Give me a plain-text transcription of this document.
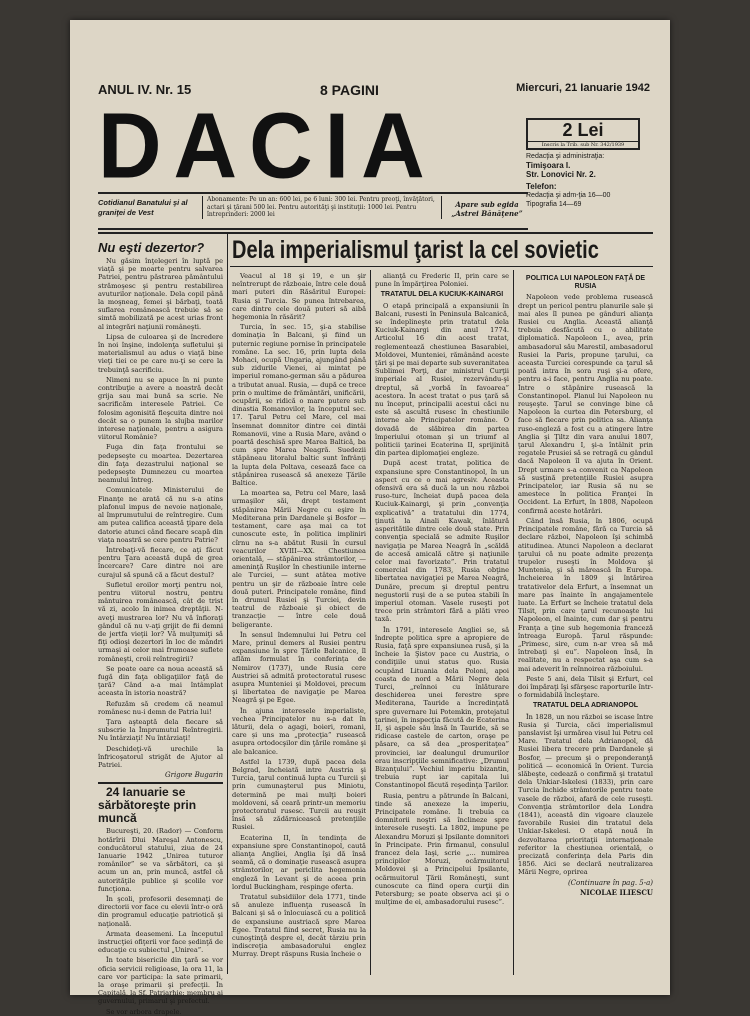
ANUL IV. Nr. 15	8 PAGINI	Miercuri, 21 Ianuarie 1942
DACIA	2 Lei
Inscris la Trib. sub Nr. 342/1939
Redacţia şi administraţia:
Timişoara I.
Str. Lonovici Nr. 2.
Telefon:
Redacţia şi adm-ţia 16—00
Tipografia 14—69
Cotidianul Banatului şi al graniţei de Vest
Abonamente: Pe un an: 600 lei, pe 6 luni: 300 lei. Pentru preoţi, învăţători, actari şi ţărani 500 lei. Pentru autorităţi şi instituţii: 1000 lei. Pentru întreprinderi: 2000 lei
Apare sub egida „Astrei Bănăţene”
Nu eşti dezertor? Dela imperialismul ţarist la cel sovietic

Nu găsim înţelegeri în luptă pe viaţă şi pe moarte pentru salvarea Patriei, pentru păstrarea pământului strămoşesc şi pentru restabilirea avuturilor naţionale. Dela copil până la moşneag, femei şi bărbaţi, toată suflarea românească trebuie să se simtă mobilizată pe acest urias front al integrări naţiunii româneşti.

Lipsa de culoarea şi de încredere în noi înşine, indolenţa sufletului şi materialismul au adus o viaţă bine vieţi tiei ce pe care nu-ţi se cere la trebuinţă sacrificiu.

Nimeni nu se apuce în ni punte contribuţie a avere a noastră decât grija sau mai bună sa scrie. Ne sacrificăm interesele Patriei. Ce folosim agonisită fleşcuita dintre noi decât sa o punem la slujba marilor interese naţionale, pentru a asigura viitorul Românie?

Fuga din faţa frontului se pedepseşte cu moartea. Dezertarea din faţa dezastrului naţional se pedepseşte Dumnezeu cu moartea neamului întreg.

Comunicatele Ministerului de Finanţe ne arată că nu s-a atins plafonul impus de nevoie naţionale, al împrumutului de reîntregire. Cum am putea califica această ţipare dela datorie atunci când fiecare scapă din viaţa noastră se cere pentru Patrie?

Întrebaţi-vă fiecare, ce aţi făcut pentru Ţara această după de grea încercare? Care dintre noi are curajul să spună că a făcut destul?

Sufletul eroilor morţi pentru noi, pentru viitorul nostru, pentru mântuirea românească, cât de trist vă zi, acolo în inimea dreptăţii. N-aveţi mustrarea lor? Nu vă înfioraţi gândul că nu v-aţi grijit de fii demni de jertfa vieţii lor? Vă mulţumiţi să fiţi odioşi dezertori în loc de mândri urmaşi ai celor mai frumoase suflete româneşti, croii reîntregirii?

Se poate oare ca noua această să fugă din faţa obligaţiilor faţă de ţară? Când a-a mai întâmplat aceasta în istoria noastră?

Refuzăm să credem că neamul românesc nu-i demn de Patria lui!

Ţara aşteaptă dela fiecare să subscrie la Împrumutul Reîntregirii. Nu întârziaţi! Nu întârziaţi!

Deschideţi-vă urechile la înfricoşatorul strigăt de Ajutor al Patriei.

Grigore Bugarin

24 Ianuarie se sărbătoreşte prin muncă

Bucureşti, 20. (Rador) — Conform hotărîrii Dlui Mareşal Antonescu, conducătorul statului, ziua de 24 Ianuarie 1942 „Unirea tuturor românilor” se va sărbători, ca şi acum un an, prin muncă, astfel cǎ autorităţile publice şi școlile vor funcţiona.

În şcoli, profesorii desemnaţi de directorii vor face cu elevii într-o oră din programul educaţie patriotică şi naţională.

Armata deasemeni. La începutul instrucţiei ofiţerii vor face ședinţă de educaţie cu subiectul „Unirea”.

În toate bisericile din ţară se vor oficia servicii religioase, la ora 11, la care vor participa: la sate primarii, la oraşe primarii şi prefecţii. În Capitală, la Sf. Patriarhie: membru ai guvernului, primarul şi prefectul.

Se vor arbora drapele.

Veacul al 18 şi 19, e un şir neîntrerupt de războaie, între cele două mari puteri din Răsăritul Europei: Rusia şi Turcia. Se punea întrebarea, care dintre cele două puteri să aibă hegemonia în răsărit?

Turcia, în sec. 15, şi-a stabilise dominaţia în Balcani, şi fiind un puternic regiune pornise în principatele române. La sec. 16, prin lupta dela Mohaci, ocupă Ungaria, ajungând până sub zidurile Vienei, ai mintat pe imperiul romano-german său a pădurea a tributat anual. Rusia, — după ce trece prin o multime de frământări, unificării, ocupării, se ridică o mare putere sub dinastia Romanovilor, la începutul sec. 17. Ţarul Petru cel Mare, cel mai însemnat domnitor dintre cei dintâi Romanovii, vine a Rusia Mare, având o poartă deschisă spre Marea Baltică, ba cum spre Marea Neagră. Suedezii stăpâneau litoralul baltic sunt înfrânţi la lupta dela Poltava, cesează face ca stăpânirea rusească să anexeze Ţările Baltice.

La moartea sa, Petru cel Mare, lasă urmaşilor săi, drept testament stăpânirea Mării Negre cu eşire în Mediterana prin Dardanele şi Bosfor — testament, care aşa mai ca tot cunoscute este, în politica impliniri cîrnu na s-a abătut Rusii în cursul veacurilor XVIII—XX. Chestiunea orientală, — stăpânirea strâmtorilor, — ameninţă Ruşilor în chestiunile interne ale Turciei, — sunt atâtea motive pentru un şir de războaie între cele două puteri. Principatele române, fiind în drumul Rusiei şi Turciei, devin teatrul de războaie şi obiect de tranzacţie — între cele două beligerante.

În sensul îndemnului lui Petru cel Mare, prinul demers al Rusiei pentru expansiune în spre Ţările Balcanice, îl aflăm formulat în conferința de Nemirov (1737), unde Rusia cere Austriei să admită protectoratul rusesc asupra Munteniei şi Moldovei, precum şi libertatea de navigaţie pe Marea Neagră şi pe Egee.

În ajuna interesele imperialiste, vechea Principatelor nu s-a dat în lăturii, dela o agagi, boieri, romani, care și uns ma „protecţia” rusească asupra ortodocşilor din ţările române şi ale balcanice.

Astfel la 1739, după pacea dela Belgrad, încheiată intre Austria şi Turcia, ţarul continuă lupta cu Turcii şi prin cumunaşterul pus Miniotu, determină pe mai mulţi boieri moldoveni, să ceară printr-un memoriu protectoratul rusesc. Turcii au reuşit însă să zădărnicească pretenţiile Rusiei.

Ecaterina II, în tendința de expansiune spre Constantinopol, caută alianţa Angliei, Anglia îşi dă însă seamă, că o dominaţie rusească asupra strâmtorilor, ar periclita hegemonia engleză în Levant şi de aceea prin lordul Buckingham, respinge oferta.

Tratatul subsidiilor dela 1771, tinde să anuleze influenţa rusească în Balcani şi să o înlocuiască cu a politică de expansiune austriacă spre Marea Egee. Tratatul fiind secret, Rusia nu la cunoştinţă despre el, decât târziu prin indiscreţia ambasadorului englez Murray. Drept răspuns Rusia încheie o

alianţă cu Frederic II, prin care se pune în împărţirea Poloniei.

TRATATUL DELA KUCIUK-KAINARGI

O etapă principală a expansiunii în Balcani, rusesti în Peninsula Balcanică, se îndeplineşte prin tratatul dela Kuciuk-Kainargi din anul 1774. Articolul 16 din acest tratat, reglementează chestiunea Basarabiei, Moldovei, Munteniei, rămânând aceste ţări şi pe mai departe sub suveranitatea Sublimei Porţi, dar ministrul Curţii imperiale al Rusiei, rezervându-şi dreptul, să „vorbă în favoarea” acestora. În acest tratat o pus ţară să nu început, principalii acestui căci nu este să ascultă rusesc în chestiunile interne ale Principatelor române. O dovadă de slăbirea din partea împeriului otoman şi un triumf al politicii ţarinei Ecaterina II, sprijinită din partea diplomaţiei engleze.

După acest tratat, politica de expansiune spre Constantinopol, în un aspect cu ce o mai agresiv. Aceasta ofensivă era să ducă la un nou război ruso-turc, încheiat după pacea dela Kuciuk-Kainargi, şi prin „convenţia explicativă” a tratatului din 1774, ţinută la Ainali Kawak, înlătură asperitătile dintre cele două state. Prin convenţia specială se admite Ruşilor navigaţia pe Marea Neagră în „scăldă de accesă amicală către şi naţiunile celor mai favorizate”. Prin tratatul comercial din 1783, Rusia obţine libertatea navigaţiei pe Marea Neagră, Dunăre, precum şi dreptul pentru negustorii ruşi de a se putea stabili în imperiul otoman. Vasele ruseşti pot trece prin strâmtori fără a plăti vreo taxă.

În 1791, interesele Angliei se, să îndrepte politica spre a apropiere de Rusia, faţă spre expansiunea rusă, şi la încheie la Şistov pace cu Austria, o condiţiile unui status quo. Rusia ocupând Lituania dela Poloni, apoi coasta de nord a Mării Negre dela Turci, „reînnoi cu înlăturare deschiderea unei ferestre spre Mediterana, Tauride a încredinţată spre guvernare lui Potemkin, protejatul ţarinei, în inspecţia făcută de Ecaterina II, şi aşpele său însă în Tauride, să se ridicase castele de carton, oraşe pe păsare, ca să dea „prosperitaţea” provinciei, iar dealungul drumurilor erau inscripţiile semnificative: „Drumul Bizanţului”. Vechiul imperiu bizantin, trebuia rupt iar capitala lui Constantinopol făcută reşedinţa Ţarilor.

Rusia, pentru a pătrunde în Balcani, tinde să anexeze la imperiu, Principatele române. Îi trebuia ca domnitorii noştri să înclineze spre interesele ruseşti. La 1802, impune pe Alexandru Moruzi şi Ipsilante domnitori în Principate. Prin firmanul, consulul francez dela Iaşi, scrie „... numirea principilor Moruzi, ocărmuitorul Moldovei şi a Principelui Ipsilante, ocărmuitorul Ţării Româneşti, sunt cunoscute ca fiind opera curţii din Petersburg; se poate observa aci şi o mulţime de ei, ambasadorului rusesc”.

POLITICA LUI NAPOLEON FAŢĂ DE RUSIA

Napoleon vede problema rusească drept un pericol pentru planurile sale şi mai ales îl punea pe gânduri alianţa Rusiei cu Anglia. Această alianţă trebuia desfăcută cu o abilitate diplomatică. Napoleon I., avea, prin ambasadorul său Marestil, ambasadorul Rusiei la Paris, propune ţarului, ca aceasta Turciei corespunde ca ţarul să poată intra în sora ruşi şi-a ofere, pentru a-i face, pentru Anglia nu poate. Între o stăpânire rusească la Constantinopol. Planul lui Napoleon nu reuşeşte. Ţarul se convinge bine că Napoleon la curtea din Petersburg, el face să fiecare prin politica sa. Alianţa ruso-engleză a fost cu a atingere între Anglia şi Ţiltz din vara anului 1807, ţarul Alexandru I, şi-a întâlnit prin regatele Prusiei să se retragă cu gândul dacă Napoleon îl va ajuta în Orient. Drept urmare s-a convenit ca Napoleon să susţină pretenţiile Rusiei asupra Principatelor, iar Rusia să nu se amestece în politica Franţei în Occident. La Erfurt, în 1808, Napoleon confirmă aceste hotărâri.

Când însă Rusia, în 1806, ocupă Principatele române, fără ca Turcia să declare război, Napoleon îşi schimbă atitudinea. Atunci Napoleon a declarat ţarului că nu poate admite prezenţa trupelor ruseşti în Moldova şi Muntenia, şi să mărească în Europa. Încheierea în 1809 şi întărirea tratativelor dela Erfurt, a însemnat un mare pas înainte în angajamentele luate. La Erfurt se încheie tratatul dela Tilsit, prin care ţarul recunoaşte lui Napoleon, el înainte, cum dar şi pentru Franţa a ţine sub hegemonia franceză întreaga Europă. Ţarul răspunde: „Primesc, sire, cum n-ar vrea să mă întrebaţi şi eu”. Napoleon însă, în realitate, nu a respectat aşa cum s-a mai adeverit în reînnoirea războiului.

Peste 5 ani, dela Tilsit şi Erfurt, cel doi împăraţi îşi sfârşesc raporturile într-o formidabilă încleştare.

TRATATUL DELA ADRIANOPOL

În 1828, un nou război se iscase între Rusia şi Turcia, căci imperialismul panslavist îşi urmărea visul lui Petru cel Mare. Tratatul dela Adrianopol, dă Rusiei libera trecere prin Dardanele şi Bosfor, — precum şi o preponderanţă politică — economică în Orient. Turcia slăbeşte, cedează o confirmă şi tratatul dela Unkiar-Iskelesi (1833), prin care Turcia închide strâmtorile pentru toate vasele de război, afară de cele ruseşti. Convenţia strâmtorilor dela Londra (1841), această din vigoare clauzele favorabile Rusiei din tratatul dela Unkiar-Iskelesi. O etapă nouă în dezvoltarea prioritaţii internaţionale referitor la chestiunea orientală, o precizată conferinţa dela Paris din 1856. Aici se declară neutralizarea Mării Negre, oprirea

(Continuare în pag. 5-a)

NICOLAE ILIESCU
